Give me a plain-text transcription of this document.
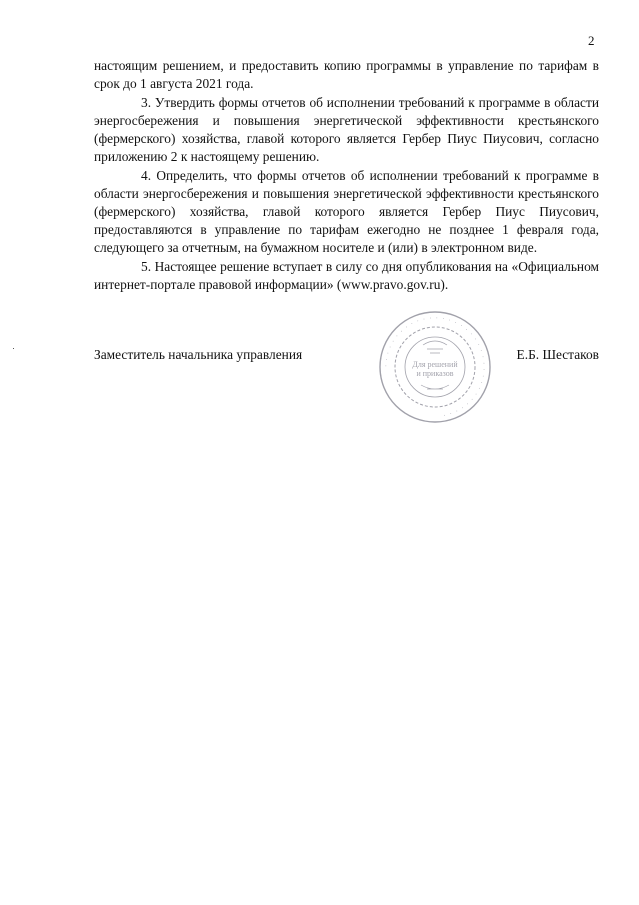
2

настоящим решением, и предоставить копию программы в управление по тарифам в срок до 1 августа 2021 года.

3. Утвердить формы отчетов об исполнении требований к программе в области энергосбережения и повышения энергетической эффективности крестьянского (фермерского) хозяйства, главой которого является Гербер Пиус Пиусович, согласно приложению 2 к настоящему решению.

4. Определить, что формы отчетов об исполнении требований к программе в области энергосбережения и повышения энергетической эффективности крестьянского (фермерского) хозяйства, главой которого является Гербер Пиус Пиусович, предоставляются в управление по тарифам ежегодно не позднее 1 февраля года, следующего за отчетным, на бумажном носителе и (или) в электронном виде.

5. Настоящее решение вступает в силу со дня опубликования на «Официальном интернет-портале правовой информации» (www.pravo.gov.ru).

Заместитель начальника управления	Е.Б. Шестаков
· · · · · · · · · · · · · · · · · · · · · · · · · · · · · · · · · · ·
Для решений
и приказов
